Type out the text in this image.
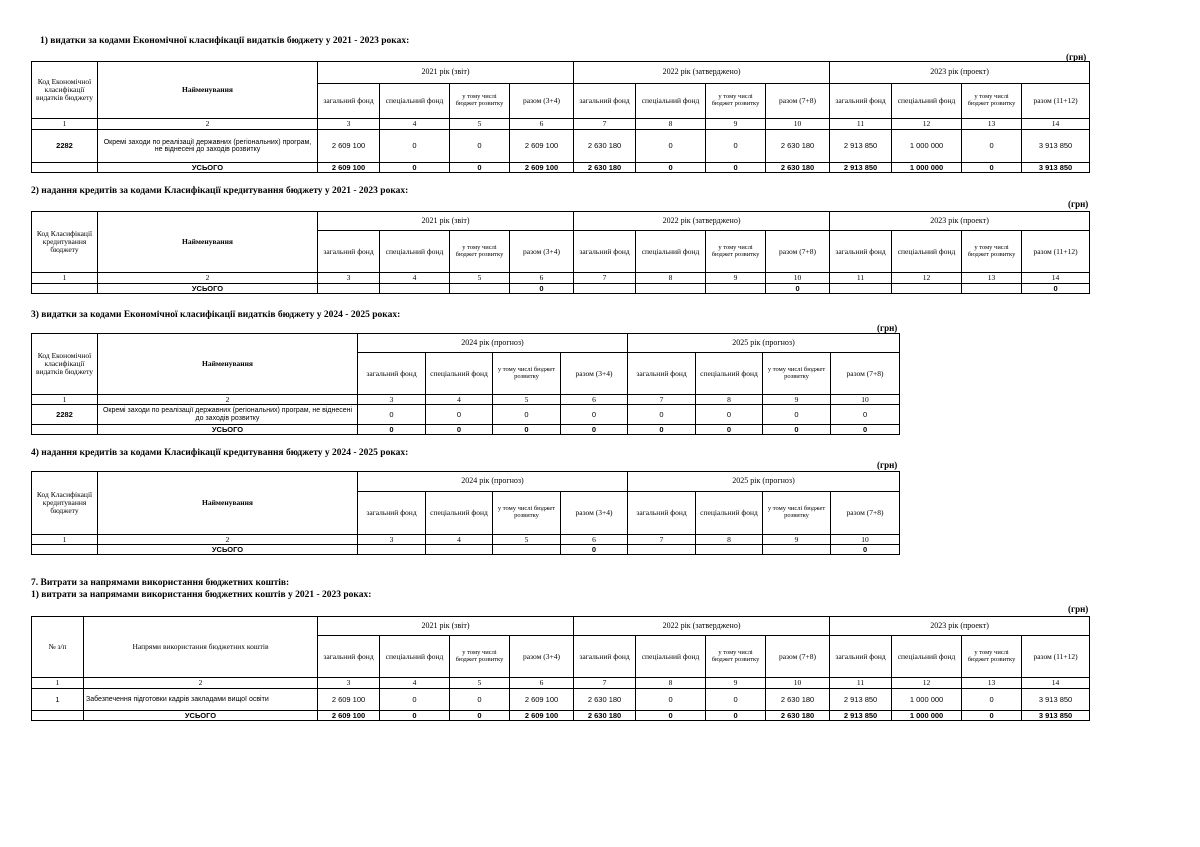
1) видатки за кодами Економічної класифікації видатків бюджету у 2021 - 2023 роках:
(грн)
Код Економічної класифікації видатків бюджету	Найменування	2021 рік (звіт)				2022 рік (затверджено)				2023 рік (проект)			
		загальний фонд	спеціальний фонд	у тому числі бюджет розвитку	разом (3+4)	загальний фонд	спеціальний фонд	у тому числі бюджет розвитку	разом (7+8)	загальний фонд	спеціальний фонд	у тому числі бюджет розвитку	разом (11+12)
1	2	3	4	5	6	7	8	9	10	11	12	13	14
2282	Окремі заходи по реалізації державних (регіональних) програм, не віднесені до заходів розвитку	2 609 100	0	0	2 609 100	2 630 180	0	0	2 630 180	2 913 850	1 000 000	0	3 913 850
	УСЬОГО	2 609 100	0	0	2 609 100	2 630 180	0	0	2 630 180	2 913 850	1 000 000	0	3 913 850
2) надання кредитів за кодами Класифікації кредитування бюджету у 2021 - 2023 роках:
(грн)
Код Класифікації кредитування бюджету	Найменування	2021 рік (звіт)				2022 рік (затверджено)				2023 рік (проект)			
		загальний фонд	спеціальний фонд	у тому числі бюджет розвитку	разом (3+4)	загальний фонд	спеціальний фонд	у тому числі бюджет розвитку	разом (7+8)	загальний фонд	спеціальний фонд	у тому числі бюджет розвитку	разом (11+12)
1	2	3	4	5	6	7	8	9	10	11	12	13	14
	УСЬОГО				0				0				0
3) видатки за кодами Економічної класифікації видатків бюджету у 2024 - 2025 роках:
(грн)
Код Економічної класифікації видатків бюджету	Найменування	2024 рік (прогноз)				2025 рік (прогноз)			
		загальний фонд	спеціальний фонд	у тому числі бюджет розвитку	разом (3+4)	загальний фонд	спеціальний фонд	у тому числі бюджет розвитку	разом (7+8)
1	2	3	4	5	6	7	8	9	10
2282	Окремі заходи по реалізації державних (регіональних) програм, не віднесені до заходів розвитку	0	0	0	0	0	0	0	0
	УСЬОГО	0	0	0	0	0	0	0	0
4) надання кредитів за кодами Класифікації кредитування бюджету у 2024 - 2025 роках:
(грн)
Код Класифікації кредитування бюджету	Найменування	2024 рік (прогноз)				2025 рік (прогноз)			
		загальний фонд	спеціальний фонд	у тому числі бюджет розвитку	разом (3+4)	загальний фонд	спеціальний фонд	у тому числі бюджет розвитку	разом (7+8)
1	2	3	4	5	6	7	8	9	10
	УСЬОГО				0				0
7. Витрати за напрямами використання бюджетних коштів:
1) витрати за напрямами використання бюджетних коштів у 2021 - 2023 роках:
(грн)
№ з/п	Напрями використання бюджетних коштів	2021 рік (звіт)				2022 рік (затверджено)				2023 рік (проект)			
		загальний фонд	спеціальний фонд	у тому числі бюджет розвитку	разом (3+4)	загальний фонд	спеціальний фонд	у тому числі бюджет розвитку	разом (7+8)	загальний фонд	спеціальний фонд	у тому числі бюджет розвитку	разом (11+12)
1	2	3	4	5	6	7	8	9	10	11	12	13	14
1	Забезпечення підготовки кадрів закладами вищої освіти	2 609 100	0	0	2 609 100	2 630 180	0	0	2 630 180	2 913 850	1 000 000	0	3 913 850
	УСЬОГО	2 609 100	0	0	2 609 100	2 630 180	0	0	2 630 180	2 913 850	1 000 000	0	3 913 850
